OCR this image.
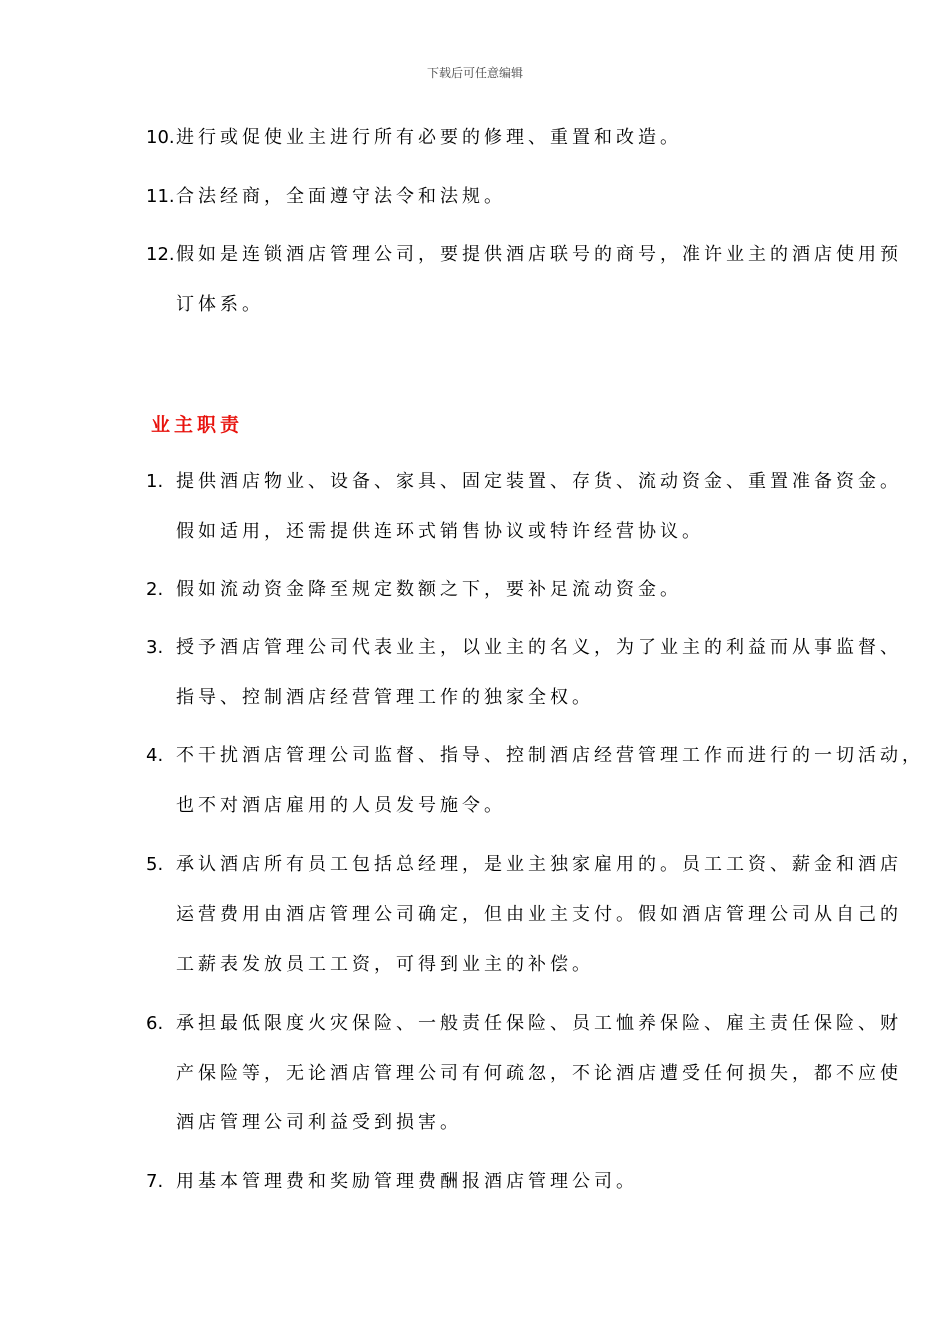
下载后可任意编辑
10.进行或促使业主进行所有必要的修理、重置和改造。
11.合法经商，全面遵守法令和法规。
12.假如是连锁酒店管理公司，要提供酒店联号的商号，准许业主的酒店使用预
订体系。
业主职责
1. 提供酒店物业、设备、家具、固定装置、存货、流动资金、重置准备资金。
假如适用，还需提供连环式销售协议或特许经营协议。
2. 假如流动资金降至规定数额之下，要补足流动资金。
3. 授予酒店管理公司代表业主，以业主的名义，为了业主的利益而从事监督、
指导、控制酒店经营管理工作的独家全权。
4. 不干扰酒店管理公司监督、指导、控制酒店经营管理工作而进行的一切活动，
也不对酒店雇用的人员发号施令。
5. 承认酒店所有员工包括总经理，是业主独家雇用的。员工工资、薪金和酒店
运营费用由酒店管理公司确定，但由业主支付。假如酒店管理公司从自己的
工薪表发放员工工资，可得到业主的补偿。
6. 承担最低限度火灾保险、一般责任保险、员工恤养保险、雇主责任保险、财
产保险等，无论酒店管理公司有何疏忽，不论酒店遭受任何损失，都不应使
酒店管理公司利益受到损害。
7. 用基本管理费和奖励管理费酬报酒店管理公司。
